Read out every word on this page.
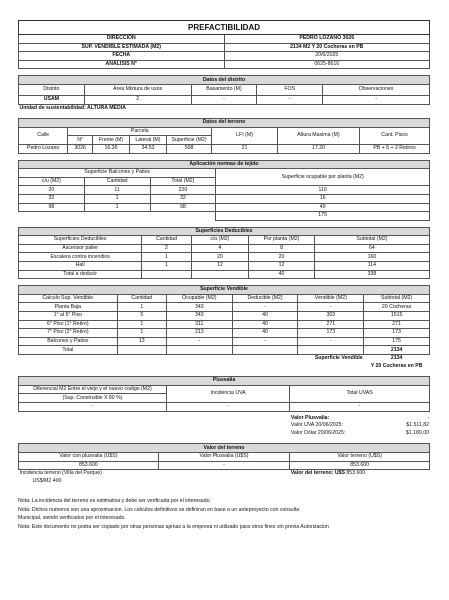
PREFACTIBILIDAD	
DIRECCION	PEDRO LOZANO 3026
SUP. VENDIBLE ESTIMADA (M2)	2134 M2 Y 20 Cocheras en PB
FECHA	20/6/2025
ANALISIS N°	0625-8616
Datos del distrito				
Distrito	Area Mixtura de usos	Basamento (M)	FOS	Observaciones
USAM	2	-	-	-
Unidad de sustentabilidad: ALTURA MEDIA				
Datos del terreno							
Calle	Parcela				LFI (M)	Altura Maxima (M)	Cant. Pisos
	N°	Frente (M)	Lateral (M)	Superficie (M2)			
Pedro Lozano	3026	16.36	34.53	508	21	17.20	PB + 5 + 2 Retiros
Aplicación normas de tejido			
Superficie Balcones y Patios			Superficie ocupable por planta (M2)
c/u (M2)	Cantidad	Total (M2)	
20	11	220	110
32	1	32	16
98	1	98	49
			175
Superficies Deducibles				
Superficies Deducibles	Cantidad	c/u (M2)	Por planta (M2)	Subtotal (M2)
Ascensor palier	2	4	8	64
Escalera contra incendios	1	20	20	160
Hall	1	12	12	114
Total a deducir			40	338
Superficie Vendible					
Calculo Sup. Vendible	Cantidad	Ocupable (M2)	Deducible (M2)	Vendible (M2)	Subtotal (M2)
Planta Baja	1	343	-	-	20 Cocheras
1° al 5° Piso	5	343	40	303	1515
6° Piso (1° Retiro)	1	311	40	271	271
7° Piso (2° Retiro)	1	213	40	173	173
Balcones y Patios	13	-	-	-	175
Total					2134
			Superficie Vendible		2134
					Y 20 Cocheras en PB
Plusvalia		
Diferencial M2 Entre el viejo y el nuevo codigo (M2)	Incidencia UVA	Total UVAS
(Sup. Construible X 80 %)		
-	-	-
	Valor Plusvalia:	-
	Valor UVA 20/06/2025:	$1.511,82
	Valor Dólar 20/06/2025:	$1.180,00
Valor del terreno		
Valor con plusvalia (U$S)	Valor Plusvalia (U$S)	Valor terreno (U$S)
853.600	-	853.600
Incidencia terreno (Villa del Parque)		Valor del terreno: U$S 853.600
US$/M2 400		
Nota: La incidencia del terreno es estimativa y debe ser verificada por el interesado.
Nota: Dichos numeros son una aproximacion. Los calculos definitivos se definiran en base a un anteproyecto con consulta
Municipal, siendo verificados por el interesado.
Nota: Este documento no podra ser copiado por otras personas ajenas a la empresa ni utilizado para otros fines sin previa Autorizacion
